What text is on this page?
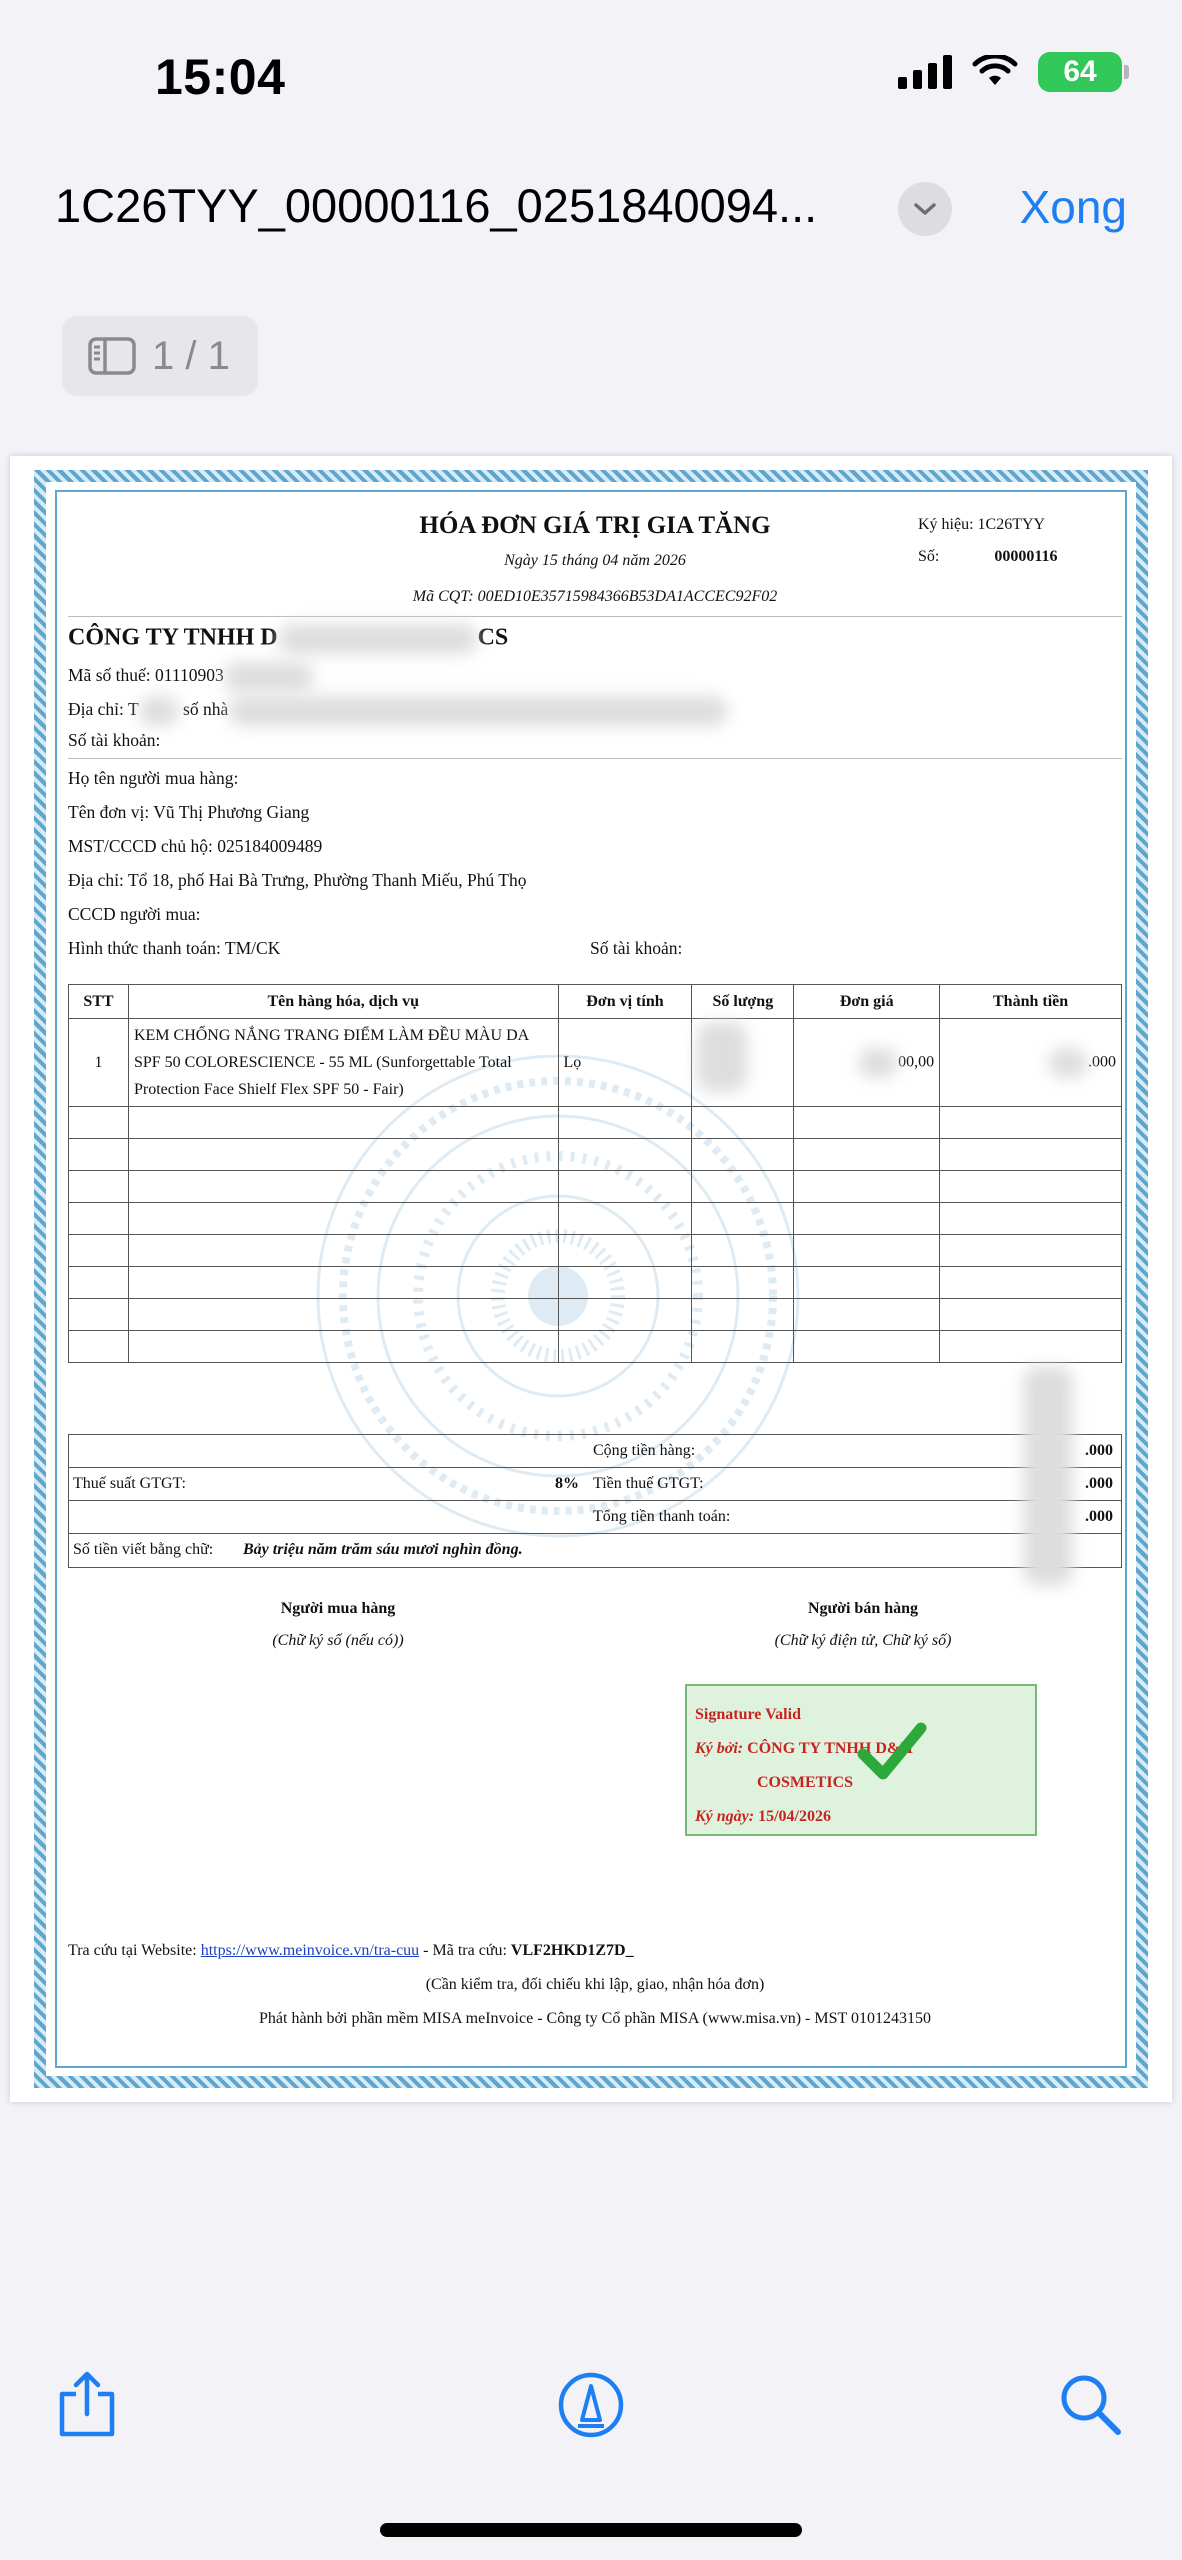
15:04	64
1C26TYY_00000116_0251840094...	Xong
1 / 1
HÓA ĐƠN GIÁ TRỊ GIA TĂNG
Ngày 15 tháng 04 năm 2026
Mã CQT: 00ED10E35715984366B53DA1ACCEC92F02
Ký hiệu: 1C26TYY
Số:	00000116
CÔNG TY TNHH D	CS
Mã số thuế: 01110903
Địa chỉ: T	số nhà
Số tài khoản:
Họ tên người mua hàng:
Tên đơn vị: Vũ Thị Phương Giang
MST/CCCD chủ hộ: 025184009489
Địa chỉ: Tổ 18, phố Hai Bà Trưng, Phường Thanh Miếu, Phú Thọ
CCCD người mua:
Hình thức thanh toán: TM/CK	Số tài khoản:
STT	Tên hàng hóa, dịch vụ	Đơn vị tính	Số lượng	Đơn giá	Thành tiền
1	KEM CHỐNG NẮNG TRANG ĐIỂM LÀM ĐỀU MÀU DA SPF 50 COLORESCIENCE - 55 ML (Sunforgettable Total Protection Face Shielf Flex SPF 50 - Fair)	Lọ		00,00	.000

Cộng tiền hàng:	.000
Thuế suất GTGT:	8% Tiền thuế GTGT:	.000
Tổng tiền thanh toán:	.000
Số tiền viết bằng chữ: Bảy triệu năm trăm sáu mươi nghìn đồng.
Người mua hàng
(Chữ ký số (nếu có))
Người bán hàng
(Chữ ký điện tử, Chữ ký số)
Signature Valid
Ký bởi: CÔNG TY TNHH D&H
COSMETICS
Ký ngày: 15/04/2026
Tra cứu tại Website: https://www.meinvoice.vn/tra-cuu - Mã tra cứu: VLF2HKD1Z7D_
(Cần kiểm tra, đối chiếu khi lập, giao, nhận hóa đơn)
Phát hành bởi phần mềm MISA meInvoice - Công ty Cổ phần MISA (www.misa.vn) - MST 0101243150
